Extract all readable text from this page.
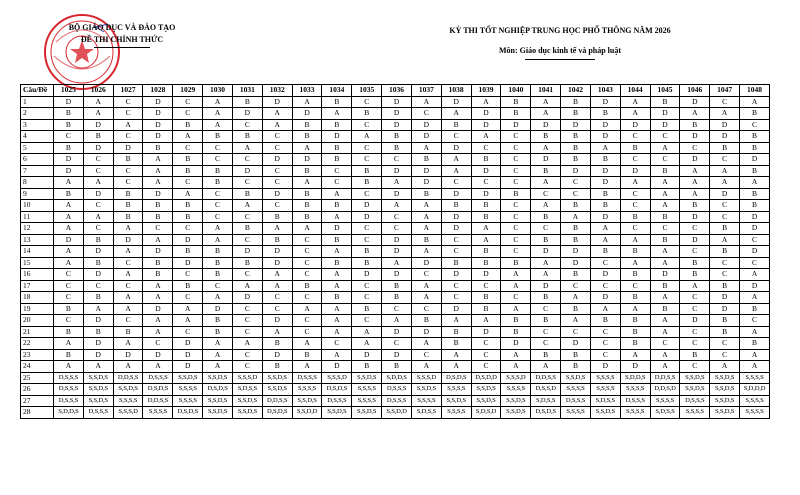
BỘ GIÁO DỤC VÀ ĐÀO TẠO
ĐỀ THI CHÍNH THỨC
KỲ THI TỐT NGHIỆP TRUNG HỌC PHỔ THÔNG NĂM 2026
Môn: Giáo dục kinh tế và pháp luật
Câu/Đề	1025	1026	1027	1028	1029	1030	1031	1032	1033	1034	1035	1036	1037	1038	1039	1040	1041	1042	1043	1044	1045	1046	1047	1048
1	D	A	C	D	C	A	B	D	A	B	C	D	A	D	A	B	A	B	D	A	B	D	C	A
2	B	A	C	D	C	A	D	A	D	A	B	D	C	A	D	B	A	B	B	A	D	A	A	B
3	B	D	A	D	B	A	C	A	B	B	C	D	D	B	D	D	D	D	D	D	D	B	D	C
4	C	B	C	D	A	B	B	C	B	D	A	B	D	C	A	C	B	B	D	C	C	D	D	B
5	B	D	D	B	C	C	A	C	A	B	C	B	A	D	C	C	A	B	A	B	A	C	B	B
6	D	C	B	A	B	C	C	D	D	B	C	C	B	A	B	C	D	B	B	C	C	D	C	D
7	D	C	C	A	B	B	D	C	B	C	B	D	D	A	D	C	B	D	D	D	B	A	A	B
8	A	A	C	A	C	B	C	C	A	C	B	A	D	C	C	C	A	C	D	A	A	A	A	A
9	B	D	B	D	A	C	B	D	B	A	C	D	B	D	D	B	C	C	B	C	A	A	D	B
10	A	C	B	B	B	C	A	C	B	B	D	A	A	B	B	C	A	B	B	C	A	B	C	B
11	A	A	B	B	B	C	C	B	B	A	D	C	A	D	B	C	B	A	D	B	B	D	C	D
12	A	C	A	C	C	A	B	A	A	D	C	C	A	D	A	C	C	B	A	C	C	C	B	D
13	D	B	D	A	D	A	C	B	C	B	C	D	B	C	A	C	B	B	A	A	B	D	A	C
14	A	D	A	D	B	B	D	D	C	A	B	D	A	C	B	C	D	D	B	B	A	C	B	D
15	A	B	C	B	D	B	B	D	C	B	B	A	D	B	B	B	A	D	C	A	A	B	C	C
16	C	D	A	B	C	B	C	A	C	A	D	D	C	D	D	A	A	B	D	B	D	B	C	A
17	C	C	C	A	B	C	A	A	B	A	C	B	A	C	C	A	D	C	C	C	B	A	B	D
18	C	B	A	A	C	A	D	C	C	B	C	B	A	C	B	C	B	A	D	B	A	C	D	A
19	B	A	A	D	A	D	C	C	A	A	B	C	C	D	B	A	C	B	A	A	B	C	D	B
20	C	D	C	A	A	B	C	D	C	A	C	A	B	A	A	B	B	A	B	B	A	D	B	C
21	B	B	B	A	C	B	C	A	C	A	A	D	D	B	D	B	C	C	C	B	A	C	B	A
22	A	D	A	C	D	A	A	B	A	C	A	C	A	B	C	D	C	D	C	B	C	C	C	B
23	B	D	D	D	D	A	C	D	B	A	D	D	C	A	C	A	B	B	C	A	A	B	C	A
24	A	A	A	A	D	A	C	B	A	D	B	B	A	A	C	A	A	B	D	D	A	C	A	A
25	D,S,S,S	S,S,D,S	D,D,S,S	D,S,S,S	S,S,D,S	S,S,D,S	S,S,S,D	S,S,D,S	D,S,S,S	S,S,S,D	S,S,D,S	S,D,D,S	S,S,S,D	D,S,D,S	D,S,D,D	S,S,S,D	D,D,S,S	S,S,D,S	S,S,S,S	S,D,D,S	D,D,S,S	S,S,D,S	S,S,D,S	S,S,S,S
26	D,S,S,S	S,S,D,S	S,S,D,S	D,S,D,S	S,S,S,S	D,S,D,S	S,D,S,S	S,S,D,S	S,S,S,S	D,S,D,S	S,S,S,S	D,S,S,S	S,S,D,S	S,S,S,S	S,S,D,S	S,S,S,S	D,S,S,D	S,S,S,S	S,S,S,S	S,S,S,S	D,D,S,D	S,S,D,S	S,S,D,S	S,D,D,D
27	D,S,S,S	S,S,D,S	S,S,S,S	D,D,S,S	S,S,S,S	S,S,D,S	S,S,D,S	D,D,S,S	S,S,D,S	D,S,S,S	S,S,S,S	D,S,S,S	S,S,S,S	S,S,D,S	S,S,D,S	S,S,D,S	S,D,S,S	D,S,S,S	S,D,S,S	D,S,S,S	S,S,S,S	D,S,S,S	S,S,D,S	S,S,S,S
28	S,D,D,S	D,S,S,S	S,S,S,D	S,S,S,S	D,S,D,S	S,S,D,S	S,S,D,S	D,S,D,S	S,S,D,D	S,S,D,S	S,S,D,S	S,S,D,D	S,D,S,S	S,S,S,S	S,D,S,D	S,S,D,S	D,S,D,S	S,S,S,S	S,S,D,S	S,S,S,S	S,D,S,S	S,S,S,S	S,S,D,S	S,S,S,S
